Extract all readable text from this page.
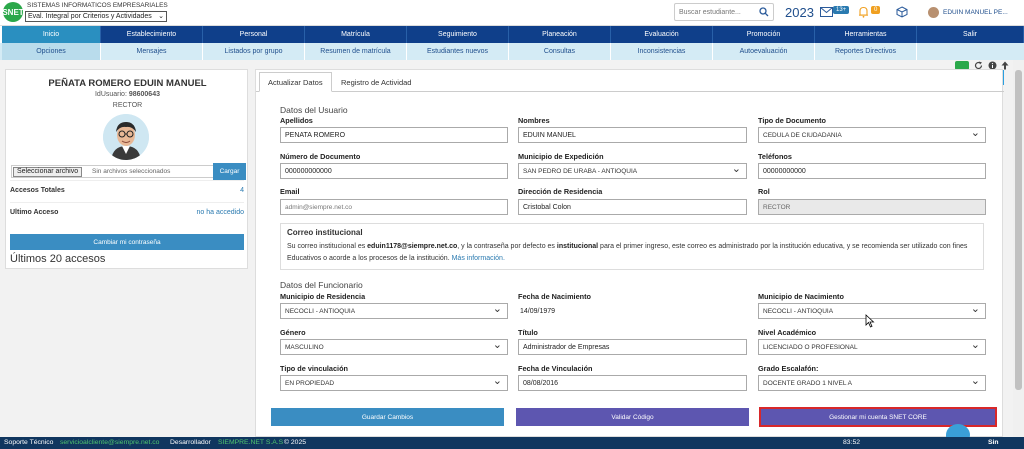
SNET
SISTEMAS INFORMATICOS EMPRESARIALES
Eval. Integral por Criterios y Actividades ⌄
Buscar estudiante...	2023	13+	0	EDUIN MANUEL PE...
Inicio	Establecimiento	Personal	Matrícula	Seguimiento	Planeación	Evaluación	Promoción	Herramientas	Salir
Opciones	Mensajes	Listados por grupo	Resumen de matrícula	Estudiantes nuevos	Consultas	Inconsistencias	Autoevaluación	Reportes Directivos
PEÑATA ROMERO EDUIN MANUEL
IdUsuario: 98600643
RECTOR
Seleccionar archivo	Sin archivos seleccionados	Cargar
Accesos Totales	4
Ultimo Acceso	no ha accedido
Cambiar mi contraseña
Últimos 20 accesos
Actualizar Datos	Registro de Actividad
Datos del Usuario
Apellidos
PENATA ROMERO
Nombres
EDUIN MANUEL
Tipo de Documento
CEDULA DE CIUDADANIA ⌄
Número de Documento
000000000000
Municipio de Expedición
SAN PEDRO DE URABA - ANTIOQUIA ⌄
Teléfonos
00000000000
Email
admin@siempre.net.co
Dirección de Residencia
Cristobal Colon
Rol
RECTOR
Correo institucional
Su correo institucional es eduin1178@siempre.net.co, y la contraseña por defecto es institucional para el primer ingreso, este correo es administrado por la institución educativa, y se recomienda ser utilizado con fines Educativos o acorde a los procesos de la institución. Más información.
Datos del Funcionario
Municipio de Residencia
NECOCLI - ANTIOQUIA ⌄
Fecha de Nacimiento
14/09/1979
Municipio de Nacimiento
NECOCLI - ANTIOQUIA ⌄
Género
MASCULINO ⌄
Título
Administrador de Empresas
Nivel Académico
LICENCIADO O PROFESIONAL ⌄
Tipo de vinculación
EN PROPIEDAD ⌄
Fecha de Vinculación
08/08/2016
Grado Escalafón:
DOCENTE GRADO 1 NIVEL A ⌄
Guardar Cambios	Validar Código	Gestionar mi cuenta SNET CORE
Soporte Técnico servicioalcliente@siempre.net.co Desarrollador SIEMPRE.NET S.A.S © 2025	83:52	Sin
